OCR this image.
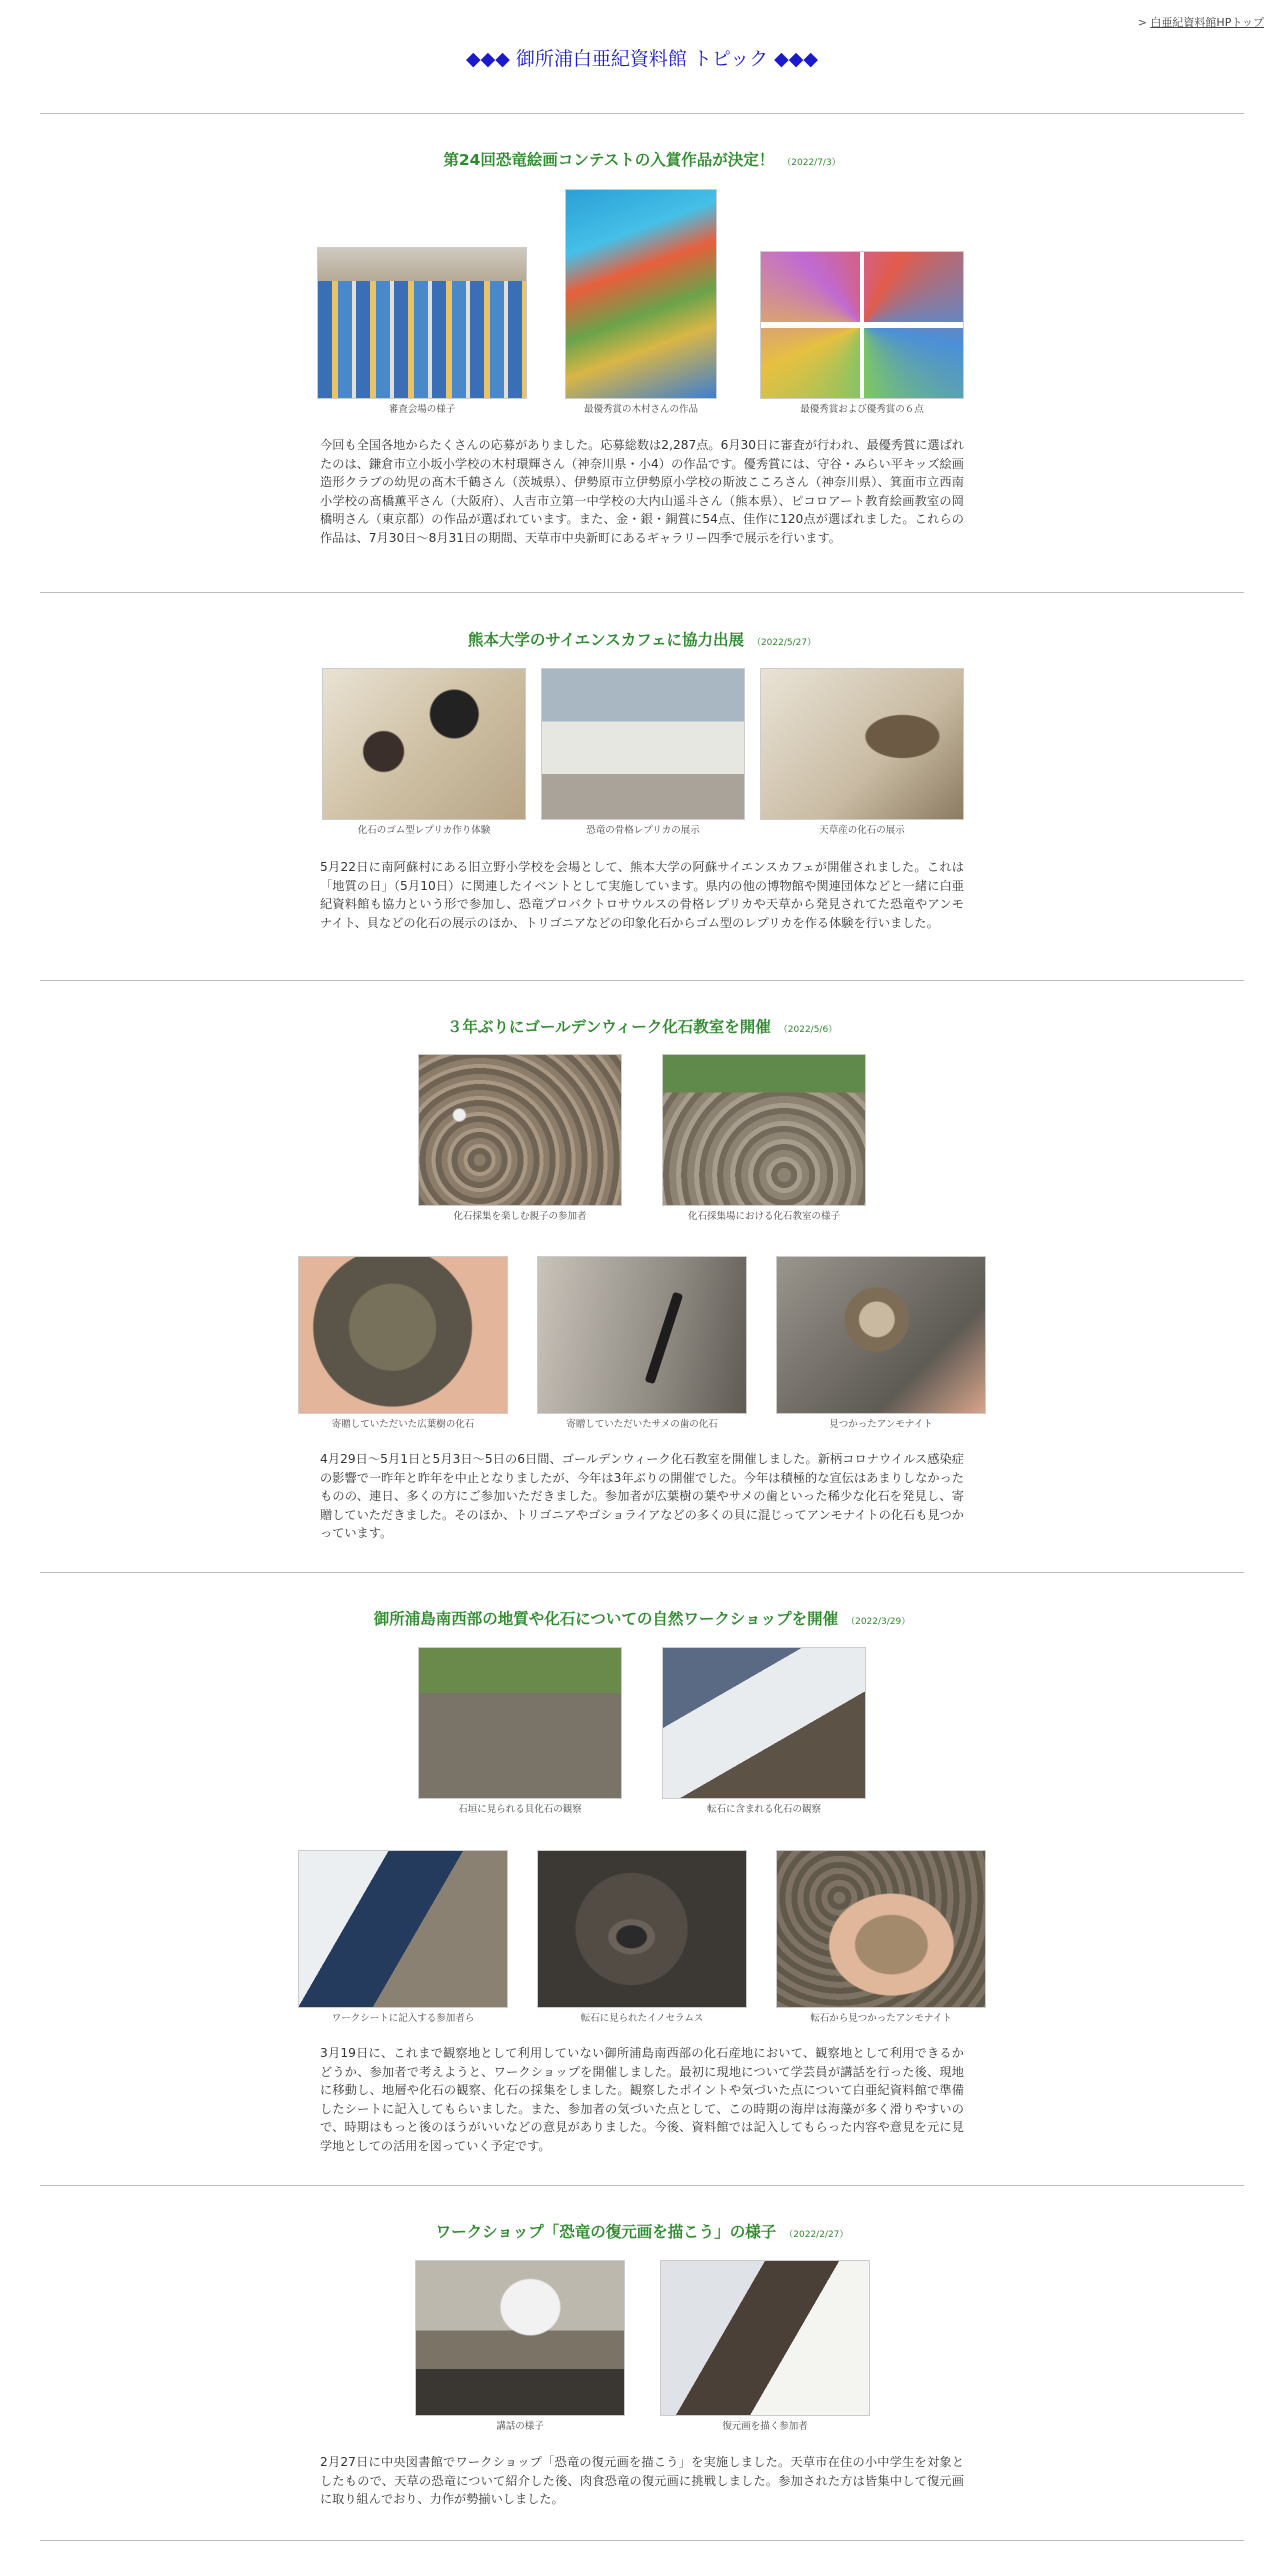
> 白亜紀資料館HPトップ
◆◆◆ 御所浦白亜紀資料館 トピック ◆◆◆
第24回恐竜絵画コンテストの入賞作品が決定！ （2022/7/3）
審査会場の様子	最優秀賞の木村さんの作品	最優秀賞および優秀賞の６点
今回も全国各地からたくさんの応募がありました。応募総数は2,287点。6月30日に審査が行われ、最優秀賞に選ばれたのは、鎌倉市立小坂小学校の木村環輝さん（神奈川県・小4）の作品です。優秀賞には、守谷・みらい平キッズ絵画造形クラブの幼児の髙木千鶴さん（茨城県）、伊勢原市立伊勢原小学校の斯波こころさん（神奈川県）、箕面市立西南小学校の髙橋薫平さん（大阪府）、人吉市立第一中学校の大内山遥斗さん（熊本県）、ピコロアート教育絵画教室の岡橋明さん（東京都）の作品が選ばれています。また、金・銀・銅賞に54点、佳作に120点が選ばれました。これらの作品は、7月30日～8月31日の期間、天草市中央新町にあるギャラリー四季で展示を行います。
熊本大学のサイエンスカフェに協力出展 （2022/5/27）
化石のゴム型レプリカ作り体験	恐竜の骨格レプリカの展示	天草産の化石の展示
5月22日に南阿蘇村にある旧立野小学校を会場として、熊本大学の阿蘇サイエンスカフェが開催されました。これは「地質の日」（5月10日）に関連したイベントとして実施しています。県内の他の博物館や関連団体などと一緒に白亜紀資料館も協力という形で参加し、恐竜プロバクトロサウルスの骨格レプリカや天草から発見されてた恐竜やアンモナイト、貝などの化石の展示のほか、トリゴニアなどの印象化石からゴム型のレプリカを作る体験を行いました。
３年ぶりにゴールデンウィーク化石教室を開催 （2022/5/6）
化石採集を楽しむ親子の参加者	化石採集場における化石教室の様子
寄贈していただいた広葉樹の化石	寄贈していただいたサメの歯の化石	見つかったアンモナイト
4月29日～5月1日と5月3日～5日の6日間、ゴールデンウィーク化石教室を開催しました。新柄コロナウイルス感染症の影響で一昨年と昨年を中止となりましたが、今年は3年ぶりの開催でした。今年は積極的な宣伝はあまりしなかったものの、連日、多くの方にご参加いただきました。参加者が広葉樹の葉やサメの歯といった稀少な化石を発見し、寄贈していただきました。そのほか、トリゴニアやゴショライアなどの多くの貝に混じってアンモナイトの化石も見つかっています。
御所浦島南西部の地質や化石についての自然ワークショップを開催 （2022/3/29）
石垣に見られる貝化石の観察	転石に含まれる化石の観察
ワークシートに記入する参加者ら	転石に見られたイノセラムス	転石から見つかったアンモナイト
3月19日に、これまで観察地として利用していない御所浦島南西部の化石産地において、観察地として利用できるかどうか、参加者で考えようと、ワークショップを開催しました。最初に現地について学芸員が講話を行った後、現地に移動し、地層や化石の観察、化石の採集をしました。観察したポイントや気づいた点について白亜紀資料館で準備したシートに記入してもらいました。また、参加者の気づいた点として、この時期の海岸は海藻が多く滑りやすいので、時期はもっと後のほうがいいなどの意見がありました。今後、資料館では記入してもらった内容や意見を元に見学地としての活用を図っていく予定です。
ワークショップ「恐竜の復元画を描こう」の様子 （2022/2/27）
講話の様子	復元画を描く参加者
2月27日に中央図書館でワークショップ「恐竜の復元画を描こう」を実施しました。天草市在住の小中学生を対象としたもので、天草の恐竜について紹介した後、肉食恐竜の復元画に挑戦しました。参加された方は皆集中して復元画に取り組んでおり、力作が勢揃いしました。
